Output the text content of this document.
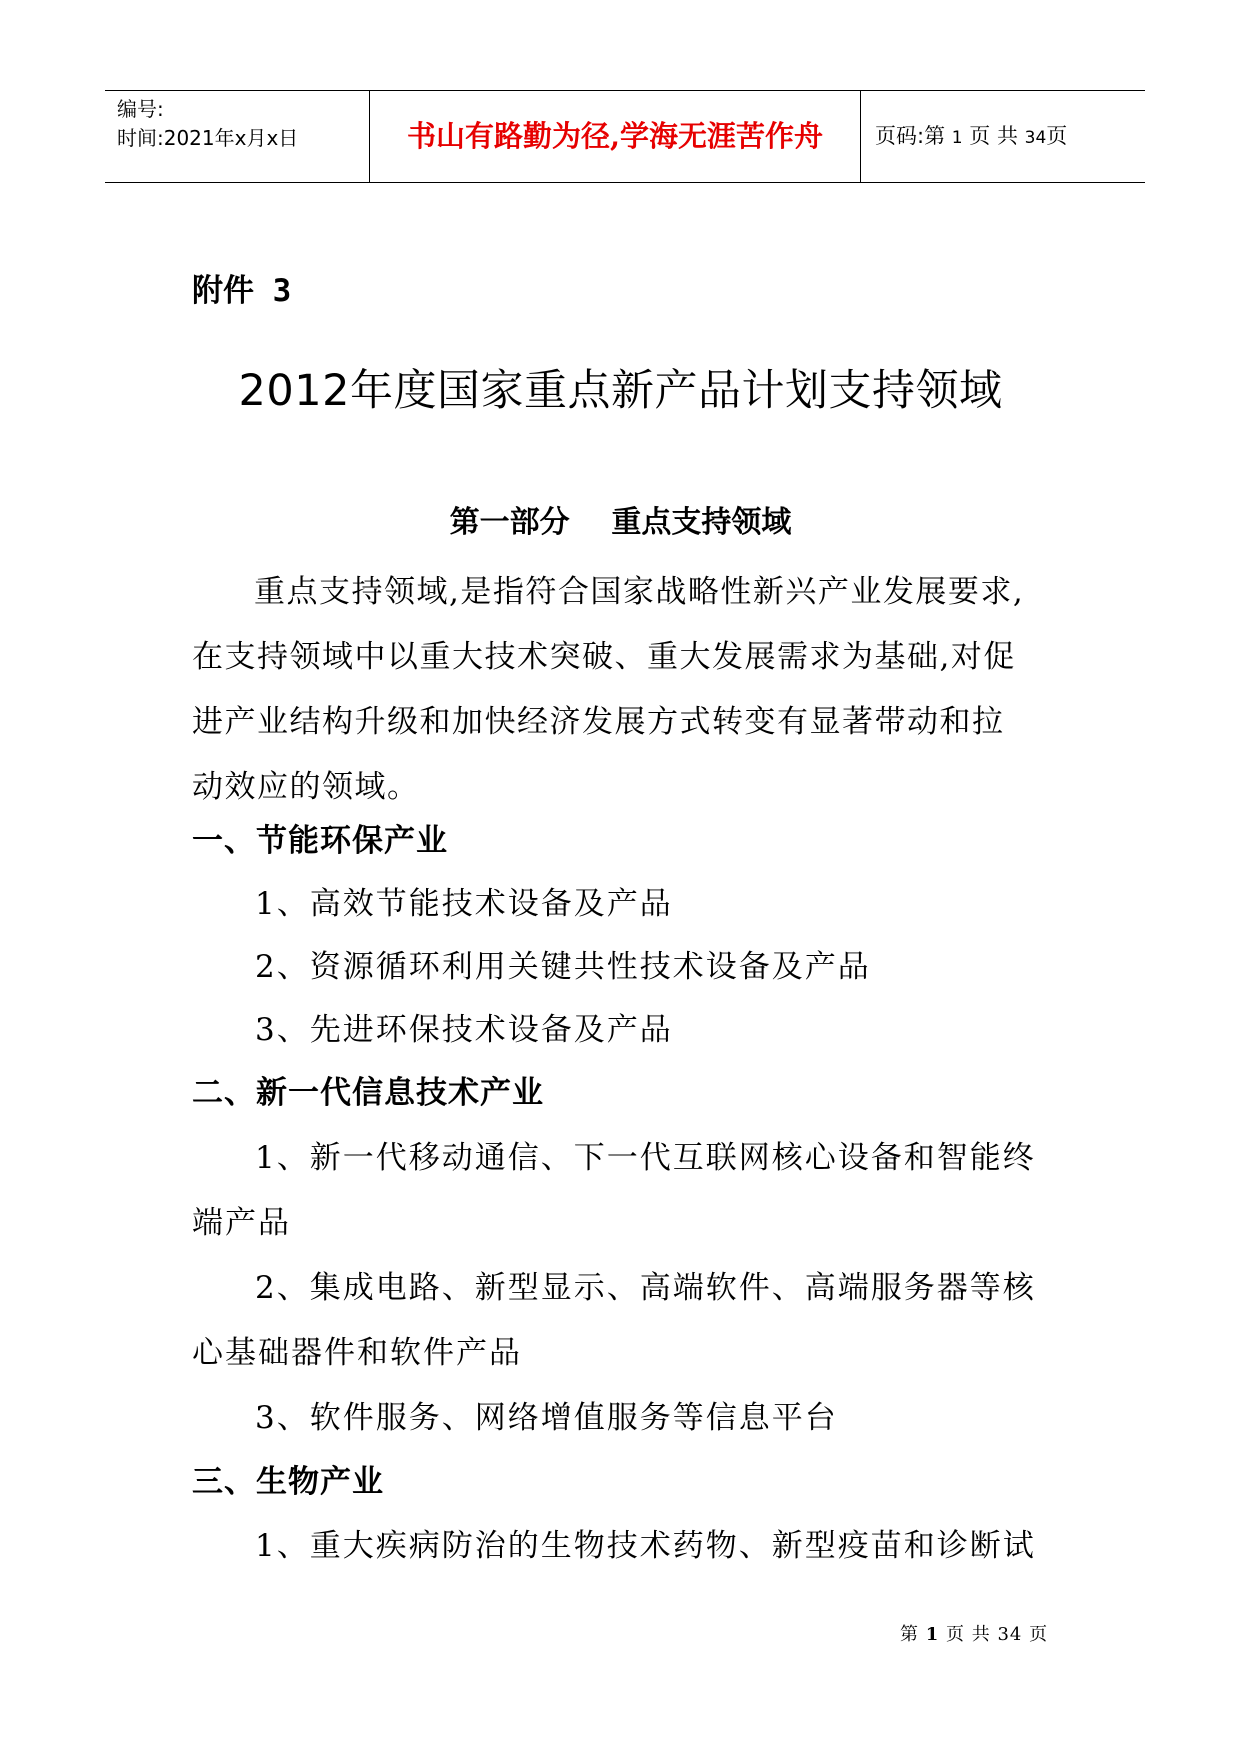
编号:
时间:2021年x月x日	书山有路勤为径,学海无涯苦作舟	页码:第 1 页 共 34页
附件 3
2012年度国家重点新产品计划支持领域
第一部分    重点支持领域

重点支持领域,是指符合国家战略性新兴产业发展要求,
在支持领域中以重大技术突破、重大发展需求为基础,对促
进产业结构升级和加快经济发展方式转变有显著带动和拉
动效应的领域。

一、节能环保产业
1、高效节能技术设备及产品
2、资源循环利用关键共性技术设备及产品
3、先进环保技术设备及产品
二、新一代信息技术产业
1、新一代移动通信、下一代互联网核心设备和智能终
端产品
2、集成电路、新型显示、高端软件、高端服务器等核
心基础器件和软件产品
3、软件服务、网络增值服务等信息平台
三、生物产业
1、重大疾病防治的生物技术药物、新型疫苗和诊断试
第 1 页 共 34 页
